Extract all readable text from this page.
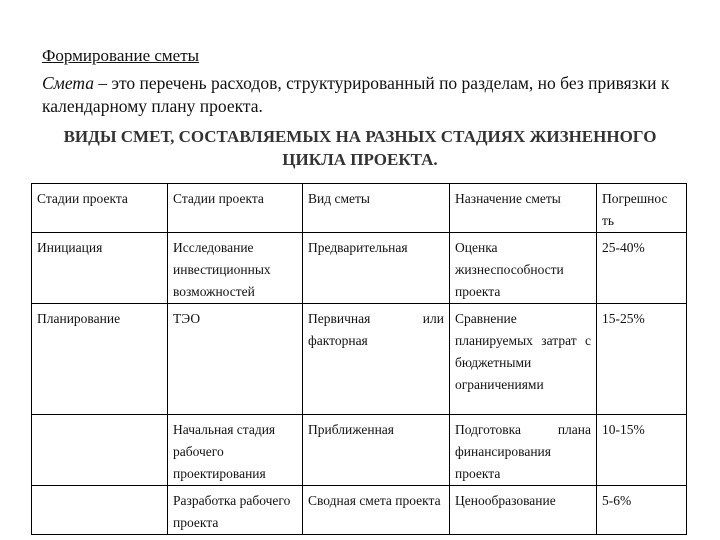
Формирование сметы
Смета – это перечень расходов, структурированный по разделам, но без привязки к календарному плану проекта.
ВИДЫ СМЕТ, СОСТАВЛЯЕМЫХ НА РАЗНЫХ СТАДИЯХ ЖИЗНЕННОГО ЦИКЛА ПРОЕКТА.
Стадии проекта	Стадии проекта	Вид сметы	Назначение сметы	Погрешнос ть
Инициация	Исследование инвестиционных возможностей	Предварительная	Оценка жизнеспособности проекта	25-40%
Планирование	ТЭО	Первичная или факторная	Сравнение планируемых затрат с бюджетными ограничениями	15-25%
	Начальная стадия рабочего проектирования	Приближенная	Подготовка плана финансирования проекта	10-15%
	Разработка рабочего проекта	Сводная смета проекта	Ценообразование	5-6%
